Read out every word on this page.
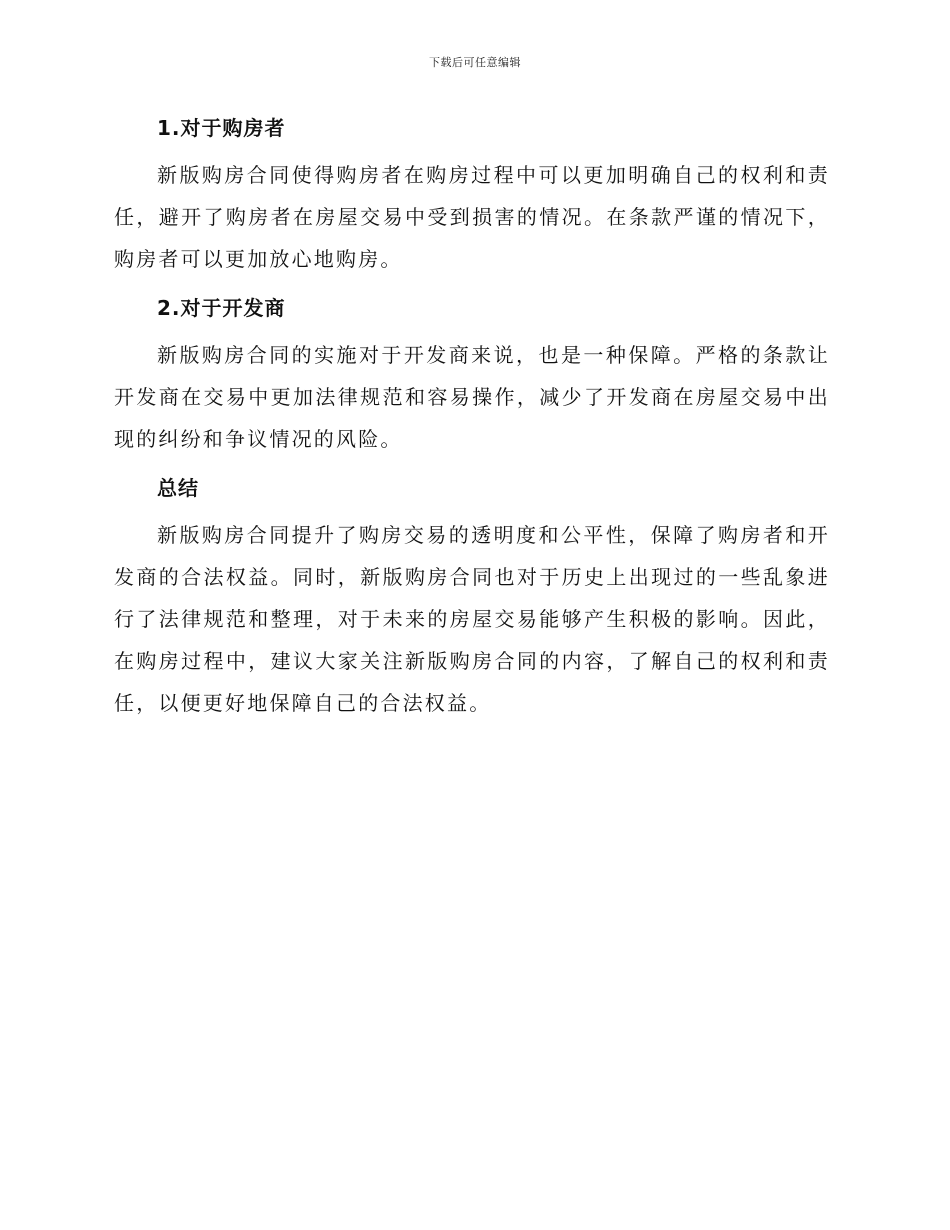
下载后可任意编辑
1.对于购房者

新版购房合同使得购房者在购房过程中可以更加明确自己的权利和责任，避开了购房者在房屋交易中受到损害的情况。在条款严谨的情况下，购房者可以更加放心地购房。

2.对于开发商

新版购房合同的实施对于开发商来说，也是一种保障。严格的条款让开发商在交易中更加法律规范和容易操作，减少了开发商在房屋交易中出现的纠纷和争议情况的风险。

总结

新版购房合同提升了购房交易的透明度和公平性，保障了购房者和开发商的合法权益。同时，新版购房合同也对于历史上出现过的一些乱象进行了法律规范和整理，对于未来的房屋交易能够产生积极的影响。因此，在购房过程中，建议大家关注新版购房合同的内容，了解自己的权利和责任，以便更好地保障自己的合法权益。
